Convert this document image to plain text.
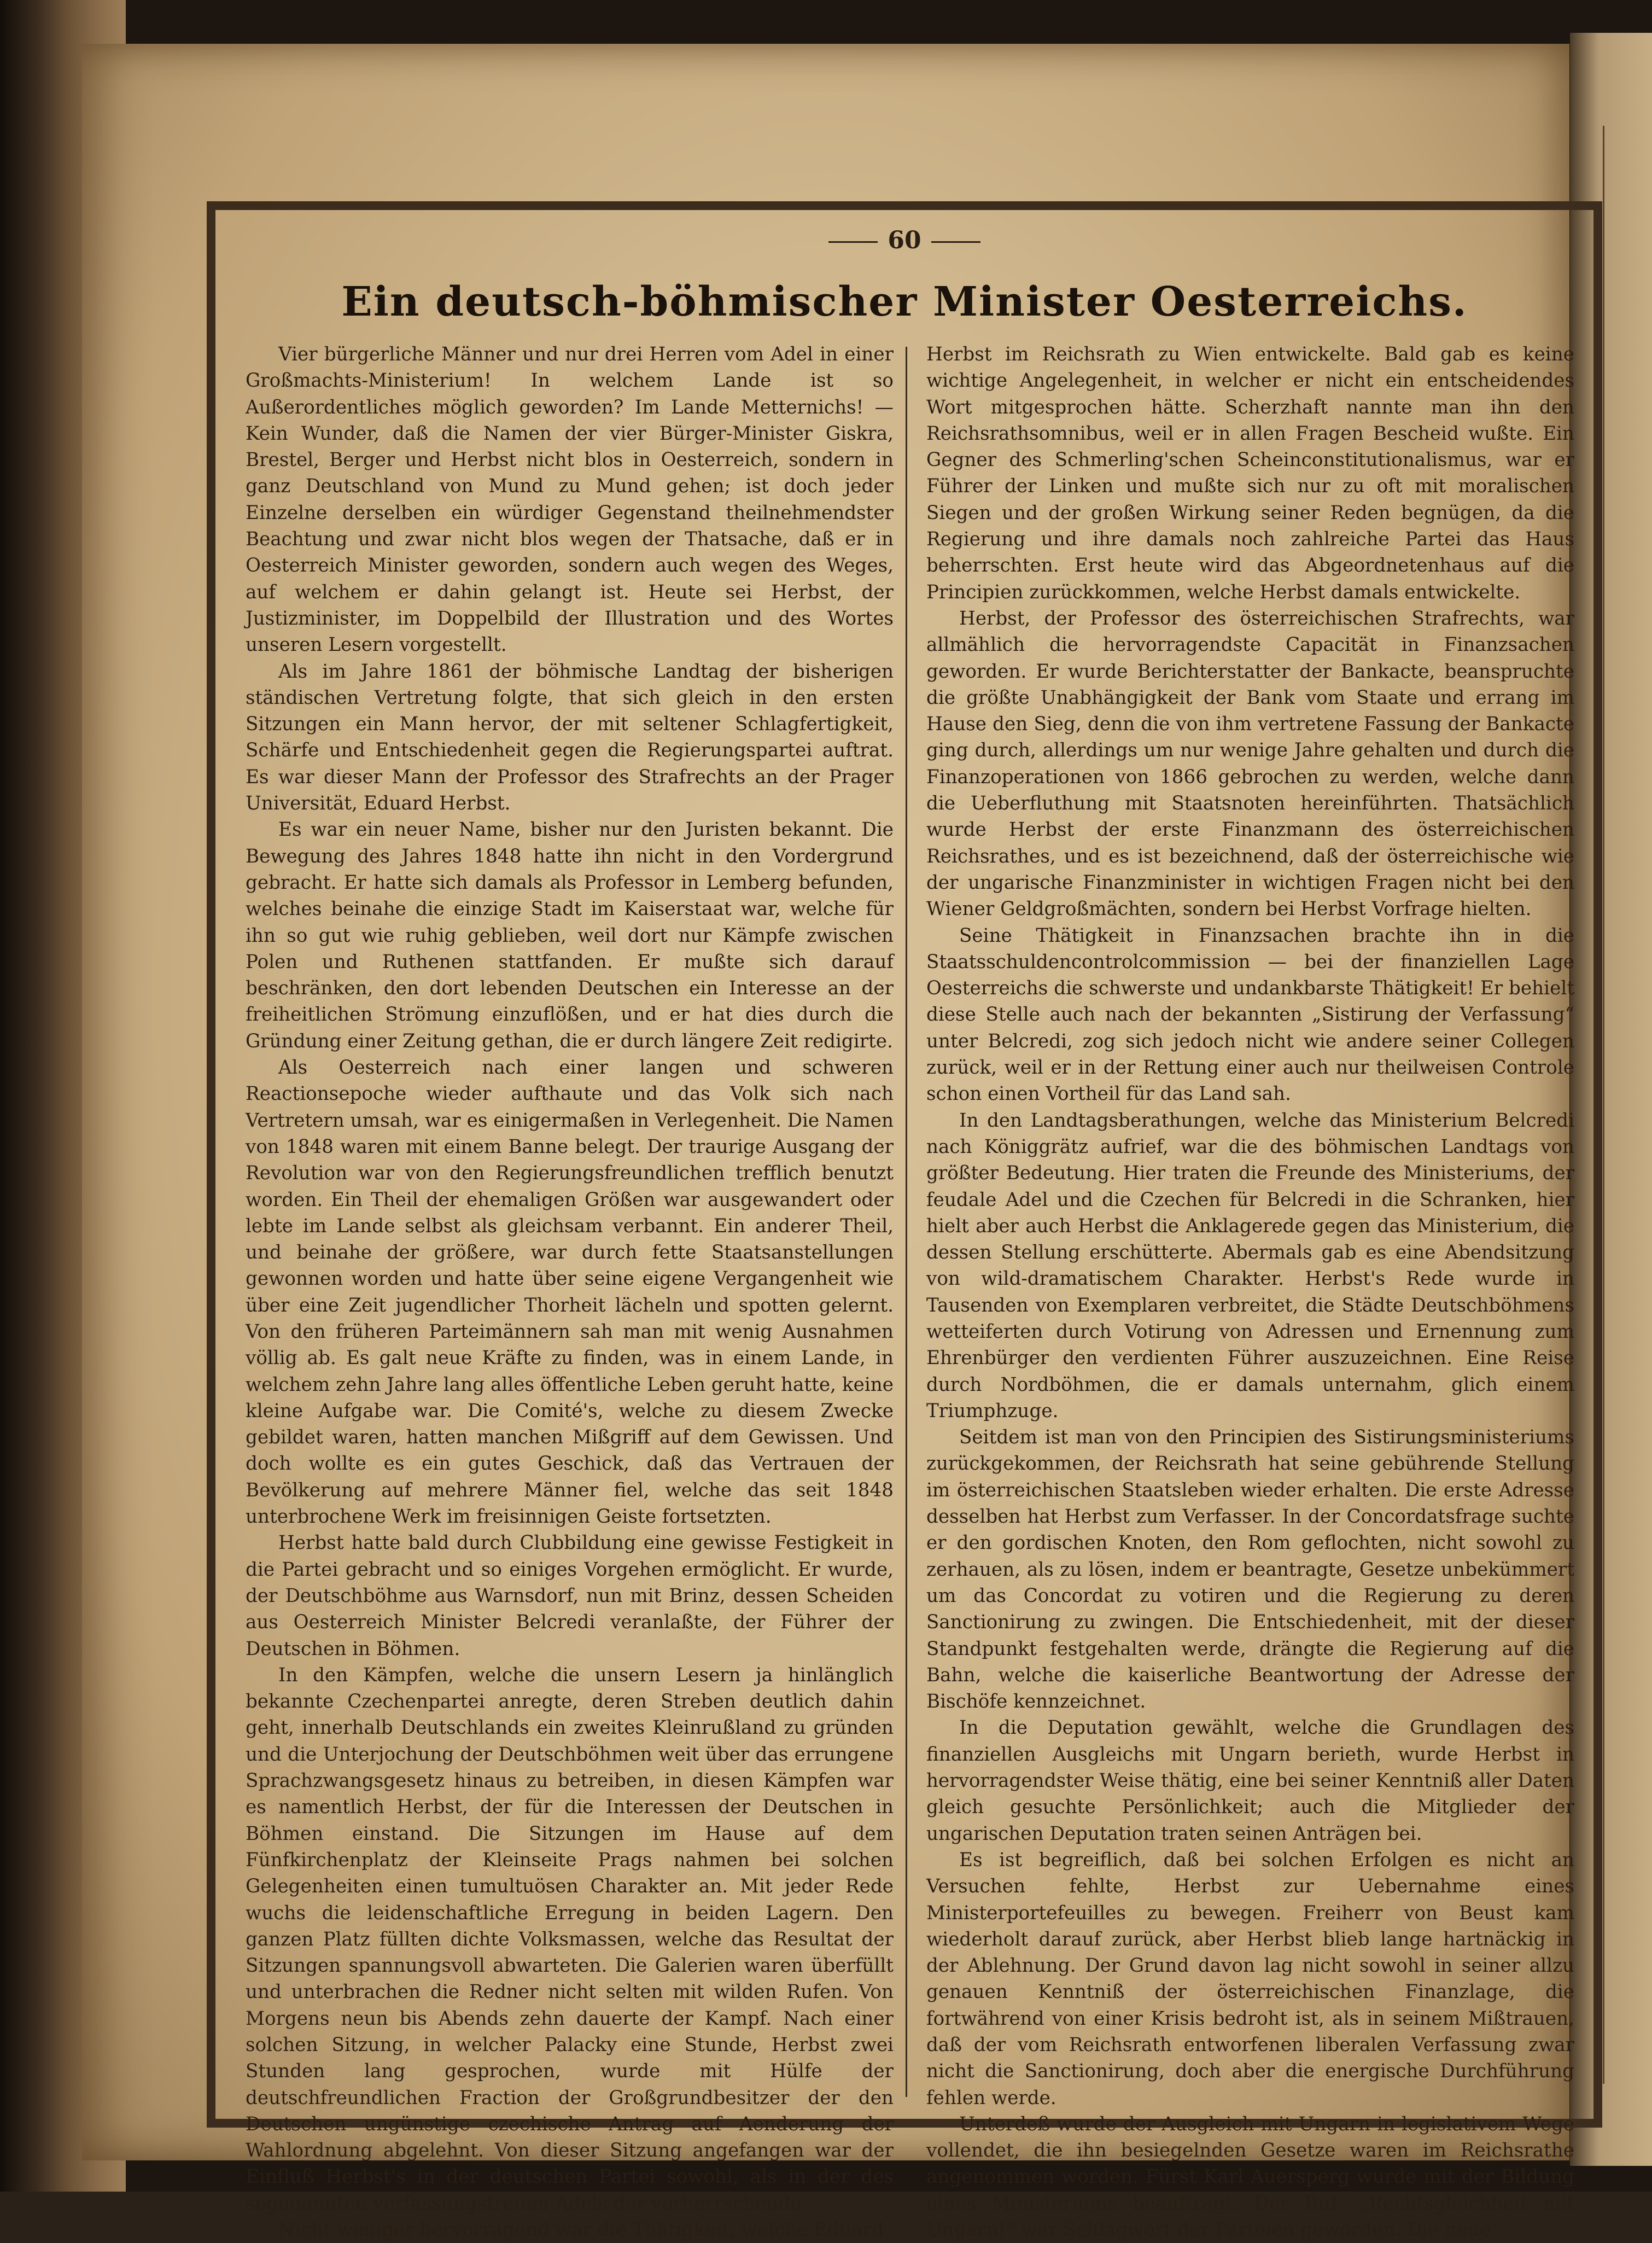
60
Ein deutsch-böhmischer Minister Oesterreichs.

Vier bürgerliche Männer und nur drei Herren vom Adel in einer Großmachts-Ministerium! In welchem Lande ist so Außerordentliches möglich geworden? Im Lande Metternichs! — Kein Wunder, daß die Namen der vier Bürger-Minister Giskra, Brestel, Berger und Herbst nicht blos in Oesterreich, sondern in ganz Deutschland von Mund zu Mund gehen; ist doch jeder Einzelne derselben ein würdiger Gegenstand theilnehmendster Beachtung und zwar nicht blos wegen der Thatsache, daß er in Oesterreich Minister geworden, sondern auch wegen des Weges, auf welchem er dahin gelangt ist. Heute sei Herbst, der Justizminister, im Doppelbild der Illustration und des Wortes unseren Lesern vorgestellt.

Als im Jahre 1861 der böhmische Landtag der bisherigen ständischen Vertretung folgte, that sich gleich in den ersten Sitzungen ein Mann hervor, der mit seltener Schlagfertigkeit, Schärfe und Entschiedenheit gegen die Regierungspartei auftrat. Es war dieser Mann der Professor des Strafrechts an der Prager Universität, Eduard Herbst.

Es war ein neuer Name, bisher nur den Juristen bekannt. Die Bewegung des Jahres 1848 hatte ihn nicht in den Vordergrund gebracht. Er hatte sich damals als Professor in Lemberg befunden, welches beinahe die einzige Stadt im Kaiserstaat war, welche für ihn so gut wie ruhig geblieben, weil dort nur Kämpfe zwischen Polen und Ruthenen stattfanden. Er mußte sich darauf beschränken, den dort lebenden Deutschen ein Interesse an der freiheitlichen Strömung einzuflößen, und er hat dies durch die Gründung einer Zeitung gethan, die er durch längere Zeit redigirte.

Als Oesterreich nach einer langen und schweren Reactionsepoche wieder aufthaute und das Volk sich nach Vertretern umsah, war es einigermaßen in Verlegenheit. Die Namen von 1848 waren mit einem Banne belegt. Der traurige Ausgang der Revolution war von den Regierungsfreundlichen trefflich benutzt worden. Ein Theil der ehemaligen Größen war ausgewandert oder lebte im Lande selbst als gleichsam verbannt. Ein anderer Theil, und beinahe der größere, war durch fette Staatsanstellungen gewonnen worden und hatte über seine eigene Vergangenheit wie über eine Zeit jugendlicher Thorheit lächeln und spotten gelernt. Von den früheren Parteimännern sah man mit wenig Ausnahmen völlig ab. Es galt neue Kräfte zu finden, was in einem Lande, in welchem zehn Jahre lang alles öffentliche Leben geruht hatte, keine kleine Aufgabe war. Die Comité's, welche zu diesem Zwecke gebildet waren, hatten manchen Mißgriff auf dem Gewissen. Und doch wollte es ein gutes Geschick, daß das Vertrauen der Bevölkerung auf mehrere Männer fiel, welche das seit 1848 unterbrochene Werk im freisinnigen Geiste fortsetzten.

Herbst hatte bald durch Clubbildung eine gewisse Festigkeit in die Partei gebracht und so einiges Vorgehen ermöglicht. Er wurde, der Deutschböhme aus Warnsdorf, nun mit Brinz, dessen Scheiden aus Oesterreich Minister Belcredi veranlaßte, der Führer der Deutschen in Böhmen.

In den Kämpfen, welche die unsern Lesern ja hinlänglich bekannte Czechenpartei anregte, deren Streben deutlich dahin geht, innerhalb Deutschlands ein zweites Kleinrußland zu gründen und die Unterjochung der Deutschböhmen weit über das errungene Sprachzwangsgesetz hinaus zu betreiben, in diesen Kämpfen war es namentlich Herbst, der für die Interessen der Deutschen in Böhmen einstand. Die Sitzungen im Hause auf dem Fünfkirchenplatz der Kleinseite Prags nahmen bei solchen Gelegenheiten einen tumultuösen Charakter an. Mit jeder Rede wuchs die leidenschaftliche Erregung in beiden Lagern. Den ganzen Platz füllten dichte Volksmassen, welche das Resultat der Sitzungen spannungsvoll abwarteten. Die Galerien waren überfüllt und unterbrachen die Redner nicht selten mit wilden Rufen. Von Morgens neun bis Abends zehn dauerte der Kampf. Nach einer solchen Sitzung, in welcher Palacky eine Stunde, Herbst zwei Stunden lang gesprochen, wurde mit Hülfe der deutschfreundlichen Fraction der Großgrundbesitzer der den Deutschen ungünstige czechische Antrag auf Aenderung der Wahlordnung abgelehnt. Von dieser Sitzung angefangen war der Einfluß Herbst's in der deutschen Partei sowohl, als in der des sogenannten verfassungstreuen Adels der vorherrschende.

Nicht weniger hervorragend war die Thätigkeit, welche Eduard

Herbst im Reichsrath zu Wien entwickelte. Bald gab es keine wichtige Angelegenheit, in welcher er nicht ein entscheidendes Wort mitgesprochen hätte. Scherzhaft nannte man ihn den Reichsrathsomnibus, weil er in allen Fragen Bescheid wußte. Ein Gegner des Schmerling'schen Scheinconstitutionalismus, war er Führer der Linken und mußte sich nur zu oft mit moralischen Siegen und der großen Wirkung seiner Reden begnügen, da die Regierung und ihre damals noch zahlreiche Partei das Haus beherrschten. Erst heute wird das Abgeordnetenhaus auf die Principien zurückkommen, welche Herbst damals entwickelte.

Herbst, der Professor des österreichischen Strafrechts, war allmählich die hervorragendste Capacität in Finanzsachen geworden. Er wurde Berichterstatter der Bankacte, beanspruchte die größte Unabhängigkeit der Bank vom Staate und errang im Hause den Sieg, denn die von ihm vertretene Fassung der Bankacte ging durch, allerdings um nur wenige Jahre gehalten und durch die Finanzoperationen von 1866 gebrochen zu werden, welche dann die Ueberfluthung mit Staatsnoten hereinführten. Thatsächlich wurde Herbst der erste Finanzmann des österreichischen Reichsrathes, und es ist bezeichnend, daß der österreichische wie der ungarische Finanzminister in wichtigen Fragen nicht bei den Wiener Geldgroßmächten, sondern bei Herbst Vorfrage hielten.

Seine Thätigkeit in Finanzsachen brachte ihn in die Staatsschuldencontrolcommission — bei der finanziellen Lage Oesterreichs die schwerste und undankbarste Thätigkeit! Er behielt diese Stelle auch nach der bekannten „Sistirung der Verfassung“ unter Belcredi, zog sich jedoch nicht wie andere seiner Collegen zurück, weil er in der Rettung einer auch nur theilweisen Controle schon einen Vortheil für das Land sah.

In den Landtagsberathungen, welche das Ministerium Belcredi nach Königgrätz aufrief, war die des böhmischen Landtags von größter Bedeutung. Hier traten die Freunde des Ministeriums, der feudale Adel und die Czechen für Belcredi in die Schranken, hier hielt aber auch Herbst die Anklagerede gegen das Ministerium, die dessen Stellung erschütterte. Abermals gab es eine Abendsitzung von wild-dramatischem Charakter. Herbst's Rede wurde in Tausenden von Exemplaren verbreitet, die Städte Deutschböhmens wetteiferten durch Votirung von Adressen und Ernennung zum Ehrenbürger den verdienten Führer auszuzeichnen. Eine Reise durch Nordböhmen, die er damals unternahm, glich einem Triumphzuge.

Seitdem ist man von den Principien des Sistirungsministeriums zurückgekommen, der Reichsrath hat seine gebührende Stellung im österreichischen Staatsleben wieder erhalten. Die erste Adresse desselben hat Herbst zum Verfasser. In der Concordatsfrage suchte er den gordischen Knoten, den Rom geflochten, nicht sowohl zu zerhauen, als zu lösen, indem er beantragte, Gesetze unbekümmert um das Concordat zu votiren und die Regierung zu deren Sanctionirung zu zwingen. Die Entschiedenheit, mit der dieser Standpunkt festgehalten werde, drängte die Regierung auf die Bahn, welche die kaiserliche Beantwortung der Adresse der Bischöfe kennzeichnet.

In die Deputation gewählt, welche die Grundlagen des finanziellen Ausgleichs mit Ungarn berieth, wurde Herbst in hervorragendster Weise thätig, eine bei seiner Kenntniß aller Daten gleich gesuchte Persönlichkeit; auch die Mitglieder der ungarischen Deputation traten seinen Anträgen bei.

Es ist begreiflich, daß bei solchen Erfolgen es nicht an Versuchen fehlte, Herbst zur Uebernahme eines Ministerportefeuilles zu bewegen. Freiherr von Beust kam wiederholt darauf zurück, aber Herbst blieb lange hartnäckig in der Ablehnung. Der Grund davon lag nicht sowohl in seiner allzu genauen Kenntniß der österreichischen Finanzlage, die fortwährend von einer Krisis bedroht ist, als in seinem Mißtrauen, daß der vom Reichsrath entworfenen liberalen Verfassung zwar nicht die Sanctionirung, doch aber die energische Durchführung fehlen werde.

Unterdeß wurde der Ausgleich mit Ungarn in legislativem Wege vollendet, die ihn besiegelnden Gesetze waren im Reichsrathe angenommen worden. Fürst Karl Auersperg wurde mit der Bildung eines Ministeriums beauftragt. Der Ruf: „Rechtsgleichheit mit Ungarn!“ war Schlagwort der Parteien geworden. Die neue
